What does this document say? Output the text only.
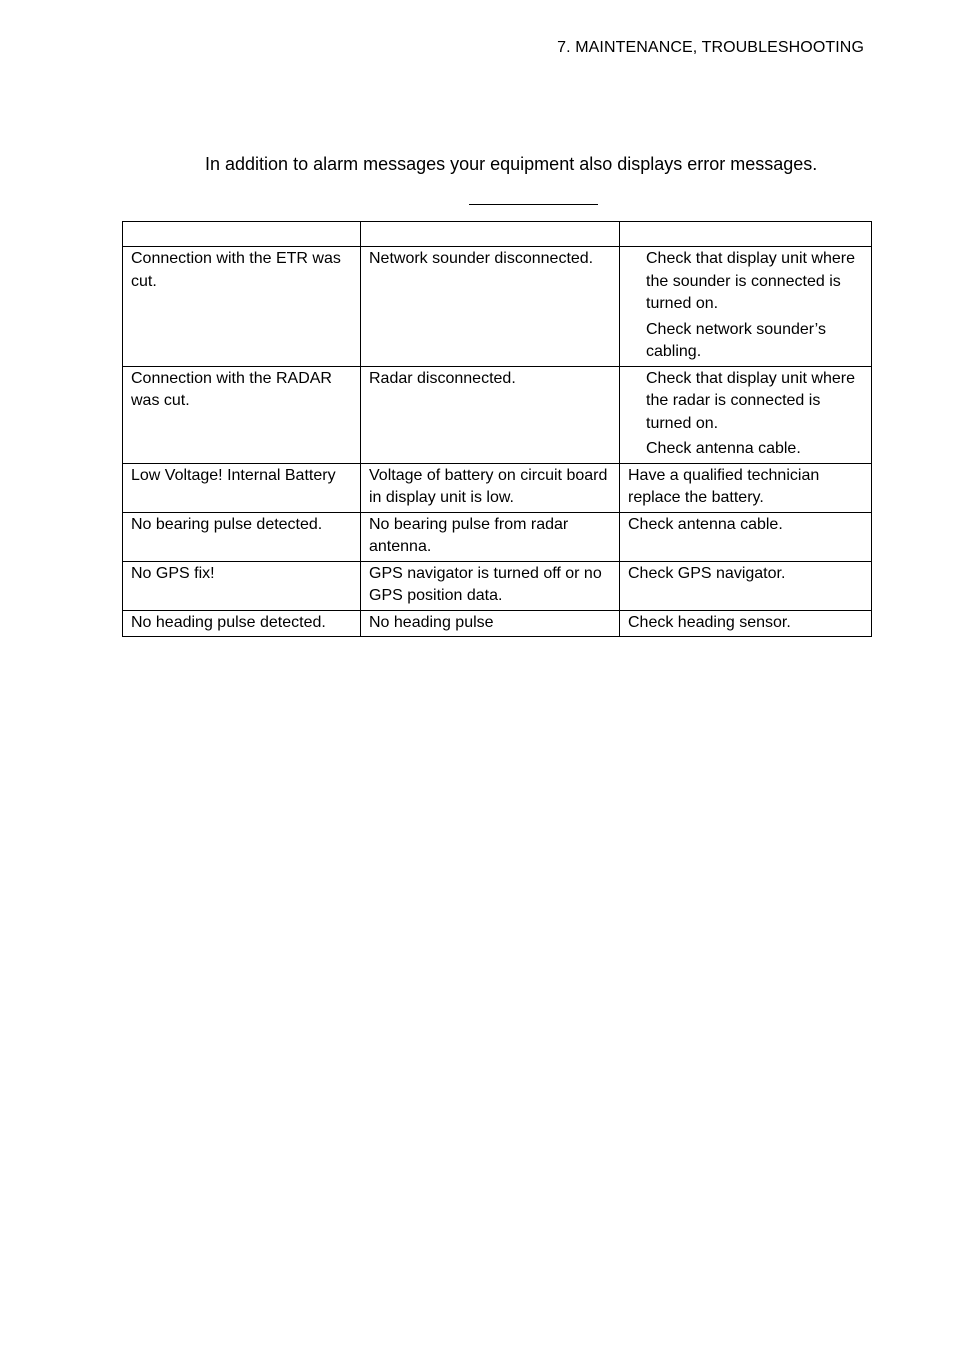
7. MAINTENANCE, TROUBLESHOOTING
In addition to alarm messages your equipment also displays error messages.

Connection with the ETR was cut.	Network sounder disconnected.	Check that display unit where the sounder is connected is turned on.
Check network sounder’s cabling.

Connection with the RADAR was cut.	Radar disconnected.	Check that display unit where the radar is connected is turned on.
Check antenna cable.

Low Voltage! Internal Battery	Voltage of battery on circuit board in display unit is low.	Have a qualified technician replace the battery.
No bearing pulse detected.	No bearing pulse from radar antenna.	Check antenna cable.
No GPS fix!	GPS navigator is turned off or no GPS position data.	Check GPS navigator.
No heading pulse detected.	No heading pulse	Check heading sensor.
